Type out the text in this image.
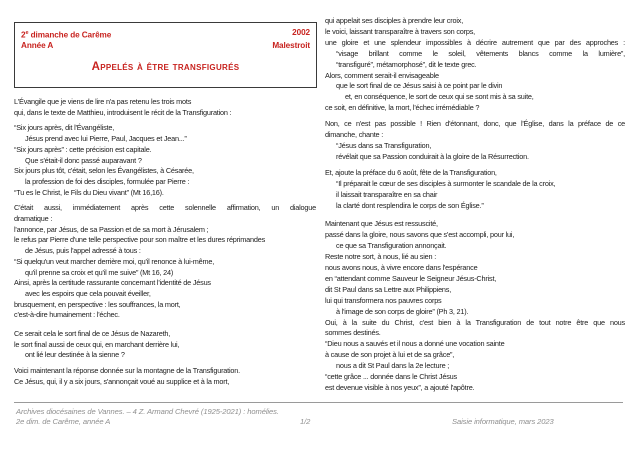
2e dimanche de Carême	2002
Année A	Malestroit
Appelés à être transfigurés
L'Évangile que je viens de lire n'a pas retenu les trois mots
qui, dans le texte de Matthieu, introduisent le récit de la Transfiguration :
“Six jours après, dit l'Évangéliste,
Jésus prend avec lui Pierre, Paul, Jacques et Jean...”
“Six jours après” : cette précision est capitale.
Que s'était-il donc passé auparavant ?
Six jours plus tôt, c'était, selon les Évangélistes, à Césarée,
la profession de foi des disciples, formulée par Pierre :
“Tu es le Christ, le Fils du Dieu vivant” (Mt 16,16).
C'était aussi, immédiatement après cette solennelle affirmation, un dialogue
dramatique :
l'annonce, par Jésus, de sa Passion et de sa mort à Jérusalem ;
le refus par Pierre d'une telle perspective pour son maître et les dures réprimandes
de Jésus, puis l'appel adressé à tous :
“Si quelqu'un veut marcher derrière moi, qu'il renonce à lui-même,
qu'il prenne sa croix et qu'il me suive” (Mt 16, 24)
Ainsi, après la certitude rassurante concernant l'identité de Jésus
avec les espoirs que cela pouvait éveiller,
brusquement, en perspective : les souffrances, la mort,
c'est-à-dire humainement : l'échec.
Ce serait cela le sort final de ce Jésus de Nazareth,
le sort final aussi de ceux qui, en marchant derrière lui,
ont lié leur destinée à la sienne ?
Voici maintenant la réponse donnée sur la montagne de la Transfiguration.
Ce Jésus, qui, il y a six jours, s'annonçait voué au supplice et à la mort,
qui appelait ses disciples à prendre leur croix,
le voici, laissant transparaître à travers son corps,
une gloire et une splendeur impossibles à décrire autrement que par des approches :
“visage brillant comme le soleil, vêtements blancs comme la lumière”,
“transfiguré”, métamorphosé”, dit le texte grec.
Alors, comment serait-il envisageable
que le sort final de ce Jésus saisi à ce point par le divin
et, en conséquence, le sort de ceux qui se sont mis à sa suite,
ce soit, en définitive, la mort, l'échec irrémédiable ?
Non, ce n'est pas possible ! Rien d'étonnant, donc, que l'Église, dans la préface de ce
dimanche, chante :
“Jésus dans sa Transfiguration,
révélait que sa Passion conduirait à la gloire de la Résurrection.
Et, ajoute la préface du 6 août, fête de la Transfiguration,
“Il préparait le cœur de ses disciples à surmonter le scandale de la croix,
il laissait transparaître en sa chair
la clarté dont resplendira le corps de son Église.”
Maintenant que Jésus est ressuscité,
passé dans la gloire, nous savons que s'est accompli, pour lui,
ce que sa Transfiguration annonçait.
Reste notre sort, à nous, lié au sien :
nous avons nous, à vivre encore dans l'espérance
en “attendant comme Sauveur le Seigneur Jésus-Christ,
dit St Paul dans sa Lettre aux Philippiens,
lui qui transformera nos pauvres corps
à l'image de son corps de gloire” (Ph 3, 21).
Oui, à la suite du Christ, c'est bien à la Transfiguration de tout notre être que nous
sommes destinés.
“Dieu nous a sauvés et il nous a donné une vocation sainte
à cause de son projet à lui et de sa grâce”,
nous a dit St Paul dans la 2e lecture ;
“cette grâce ... donnée dans le Christ Jésus
est devenue visible à nos yeux”, a ajouté l'apôtre.
Archives diocésaines de Vannes. – 4 Z. Armand Chevré (1925-2021) : homélies.
2e dim. de Carême, année A	1/2	Saisie informatique, mars 2023
